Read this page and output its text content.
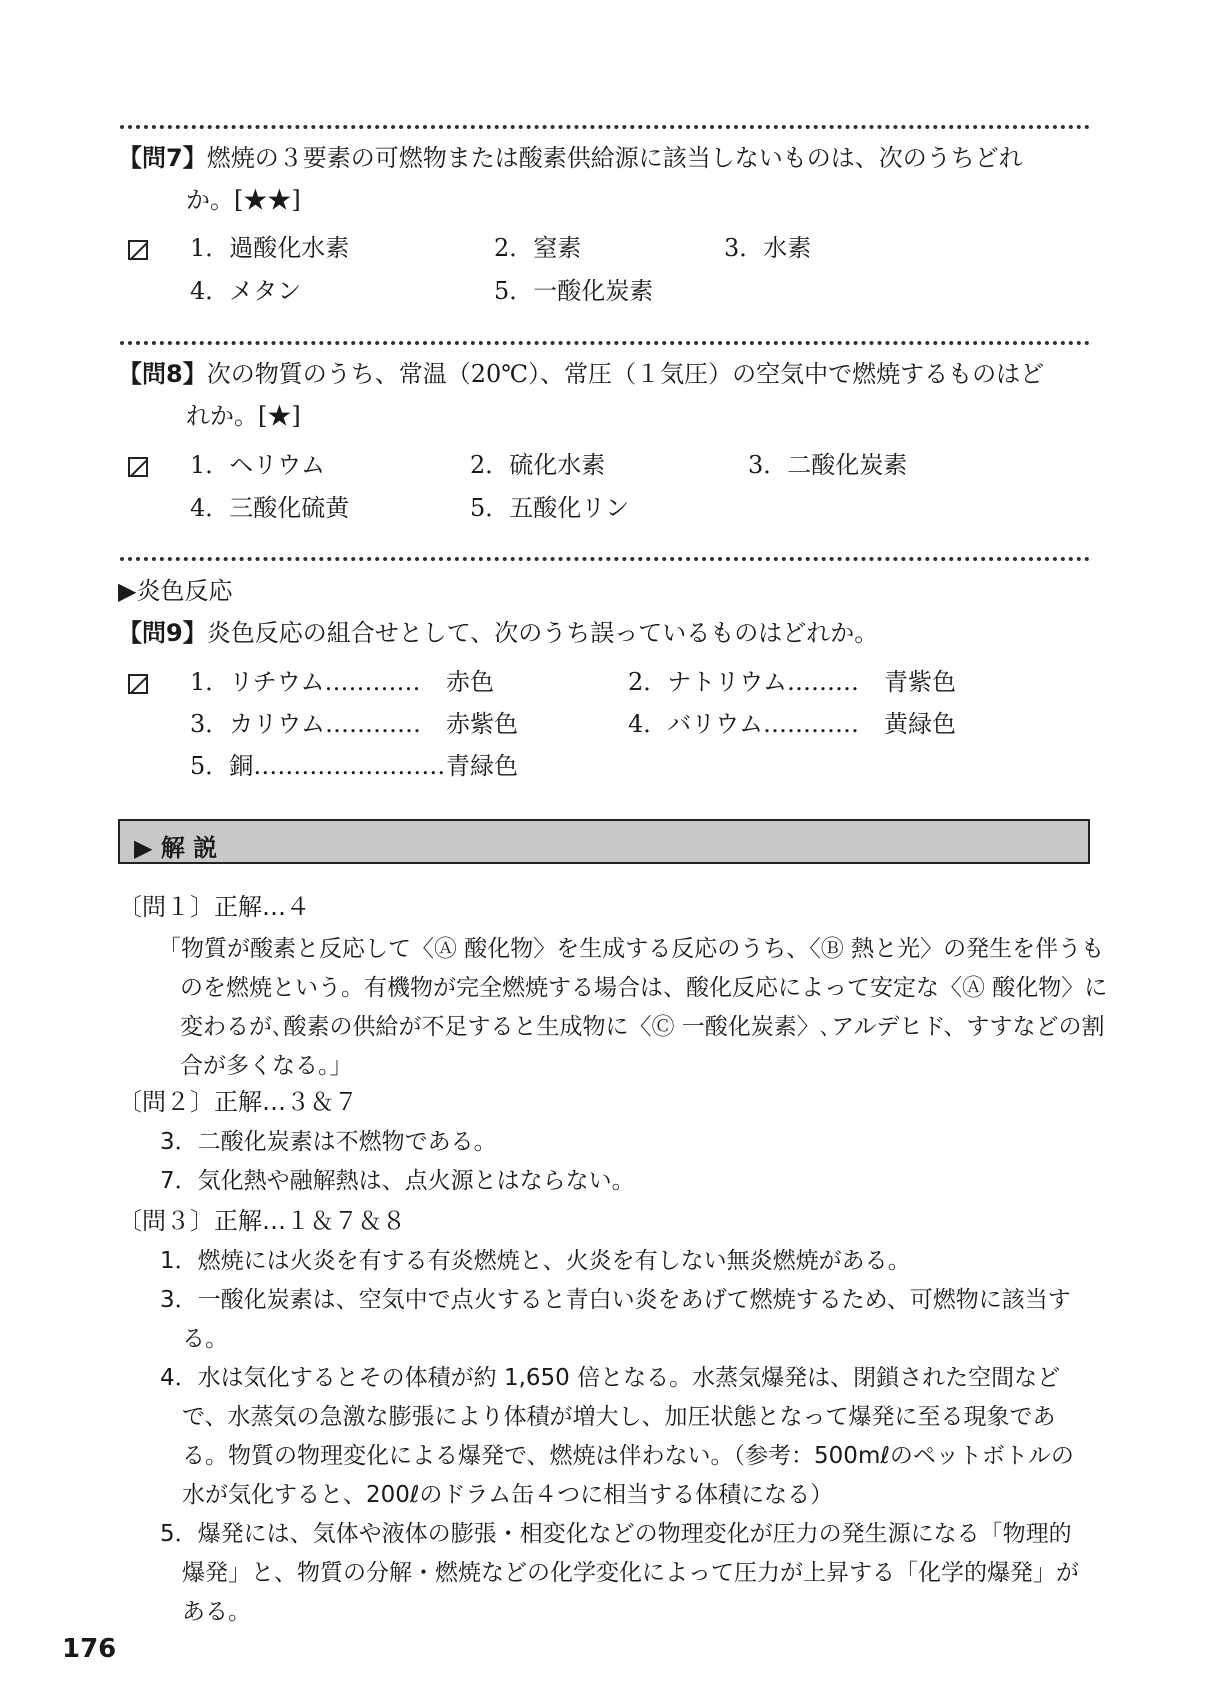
【問7】燃焼の３要素の可燃物または酸素供給源に該当しないものは、次のうちどれ
か。[★★]
1．過酸化水素	2．窒素	3．水素
4．メタン	5．一酸化炭素
【問8】次の物質のうち、常温（20℃）、常圧（１気圧）の空気中で燃焼するものはど
れか。[★]
1．ヘリウム	2．硫化水素	3．二酸化炭素
4．三酸化硫黄	5．五酸化リン
▶炎色反応
【問9】炎色反応の組合せとして、次のうち誤っているものはどれか。
1．リチウム………… 赤色	2．ナトリウム……… 青紫色
3．カリウム………… 赤紫色	4．バリウム………… 黄緑色
5．銅…………………… 青緑色
▶ 解 説
〔問１〕正解…４
「物質が酸素と反応して〈Ⓐ 酸化物〉を生成する反応のうち、〈Ⓑ 熱と光〉の発生を伴うものを燃焼という。有機物が完全燃焼する場合は、酸化反応によって安定な〈Ⓐ 酸化物〉に変わるが､酸素の供給が不足すると生成物に〈Ⓒ 一酸化炭素〉､アルデヒド、すすなどの割合が多くなる。」
〔問２〕正解…３＆７
3．二酸化炭素は不燃物である。
7．気化熱や融解熱は、点火源とはならない。
〔問３〕正解…１＆７＆８
1．燃焼には火炎を有する有炎燃焼と、火炎を有しない無炎燃焼がある。
3．一酸化炭素は、空気中で点火すると青白い炎をあげて燃焼するため、可燃物に該当する。
4．水は気化するとその体積が約 1,650 倍となる。水蒸気爆発は、閉鎖された空間などで、水蒸気の急激な膨張により体積が増大し、加圧状態となって爆発に至る現象である。物質の物理変化による爆発で、燃焼は伴わない。（参考：500mℓのペットボトルの水が気化すると、200ℓのドラム缶４つに相当する体積になる）
5．爆発には、気体や液体の膨張・相変化などの物理変化が圧力の発生源になる「物理的爆発」と、物質の分解・燃焼などの化学変化によって圧力が上昇する「化学的爆発」がある。
176
